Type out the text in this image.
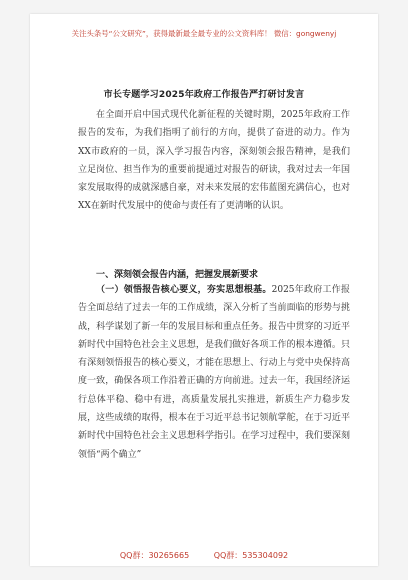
关注头条号“公文研究”，获得最新最全最专业的公文资料库！ 微信：gongwenyj
市长专题学习2025年政府工作报告严打研讨发言
在全面开启中国式现代化新征程的关键时期，2025年政府工作报告的发布，为我们指明了前行的方向，提供了奋进的动力。作为XX市政府的一员，深入学习报告内容，深刻领会报告精神，是我们立足岗位、担当作为的重要前提通过对报告的研读，我对过去一年国家发展取得的成就深感自豪，对未来发展的宏伟蓝图充满信心，也对XX在新时代发展中的使命与责任有了更清晰的认识。
一、深刻领会报告内涵，把握发展新要求
（一）领悟报告核心要义，夯实思想根基。2025年政府工作报告全面总结了过去一年的工作成绩，深入分析了当前面临的形势与挑战，科学谋划了新一年的发展目标和重点任务。报告中贯穿的习近平新时代中国特色社会主义思想，是我们做好各项工作的根本遵循。只有深刻领悟报告的核心要义，才能在思想上、行动上与党中央保持高度一致，确保各项工作沿着正确的方向前进。过去一年，我国经济运行总体平稳、稳中有进，高质量发展扎实推进，新质生产力稳步发展，这些成绩的取得，根本在于习近平总书记领航掌舵，在于习近平新时代中国特色社会主义思想科学指引。在学习过程中，我们要深刻领悟“两个确立”
QQ群：30265665	QQ群：535304092
